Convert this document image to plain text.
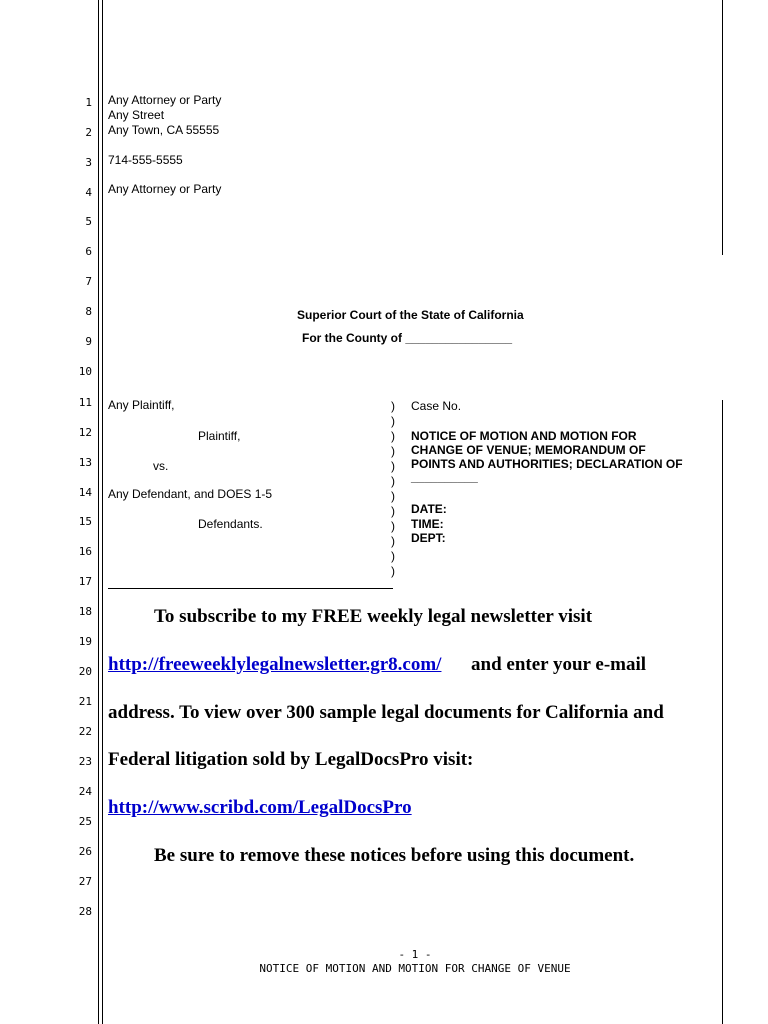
1
2
3
4
5
6
7
8
9
10
11
12
13
14
15
16
17
18
19
20
21
22
23
24
25
26
27
28
Any Attorney or Party
Any Street
Any Town, CA 55555
714-555-5555
Any Attorney or Party
Superior Court of the State of California
For the County of ________________
Any Plaintiff,
Plaintiff,
vs.
Any Defendant, and DOES 1-5
Defendants.
)
)
)
)
)
)
)
)
)
)
)
)
Case No.
NOTICE OF MOTION AND MOTION FOR
CHANGE OF VENUE; MEMORANDUM OF
POINTS AND AUTHORITIES; DECLARATION OF
__________
DATE:
TIME:
DEPT:
To subscribe to my FREE weekly legal newsletter visit
http://freeweeklylegalnewsletter.gr8.com/ and enter your e-mail
address. To view over 300 sample legal documents for California and
Federal litigation sold by LegalDocsPro visit:
http://www.scribd.com/LegalDocsPro
Be sure to remove these notices before using this document.
- 1 -
NOTICE OF MOTION AND MOTION FOR CHANGE OF VENUE
